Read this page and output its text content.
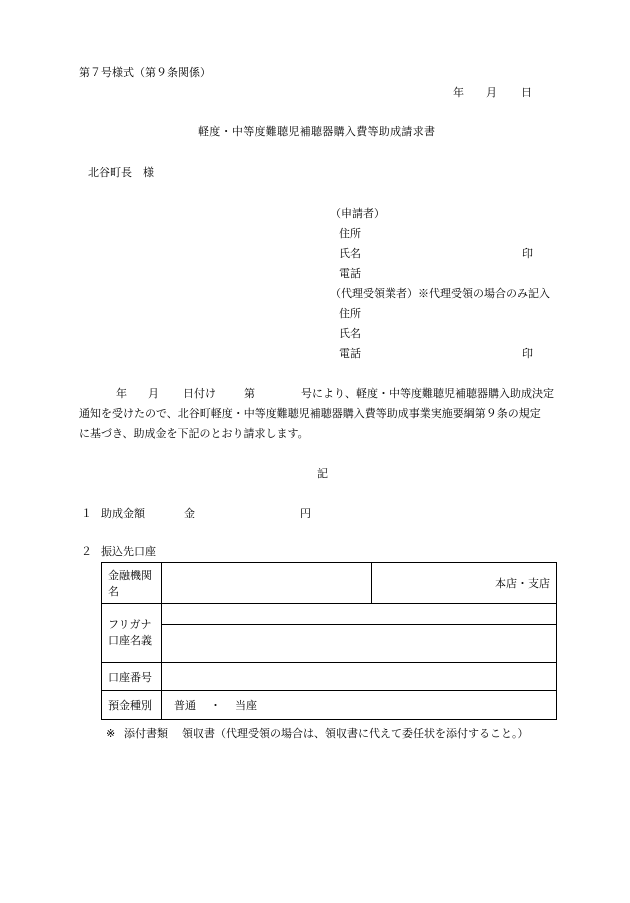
第７号様式（第９条関係）
年 月 日
軽度・中等度難聴児補聴器購入費等助成請求書
北谷町長　様
（申請者）
住所
氏名	印
電話
（代理受領業者）※代理受領の場合のみ記入
住所
氏名
電話	印
年 月 日付け	第	号により、軽度・中等度難聴児補聴器購入助成決定
通知を受けたので、北谷町軽度・中等度難聴児補聴器購入費等助成事業実施要綱第９条の規定
に基づき、助成金を下記のとおり請求します。
記
１ 助成金額	金	円
２ 振込先口座
金融機関名		本店・支店

フリガナ
口座名義		

口座番号		
預金種別	普通 ・ 当座	
※ 添付書類 領収書（代理受領の場合は、領収書に代えて委任状を添付すること。）
